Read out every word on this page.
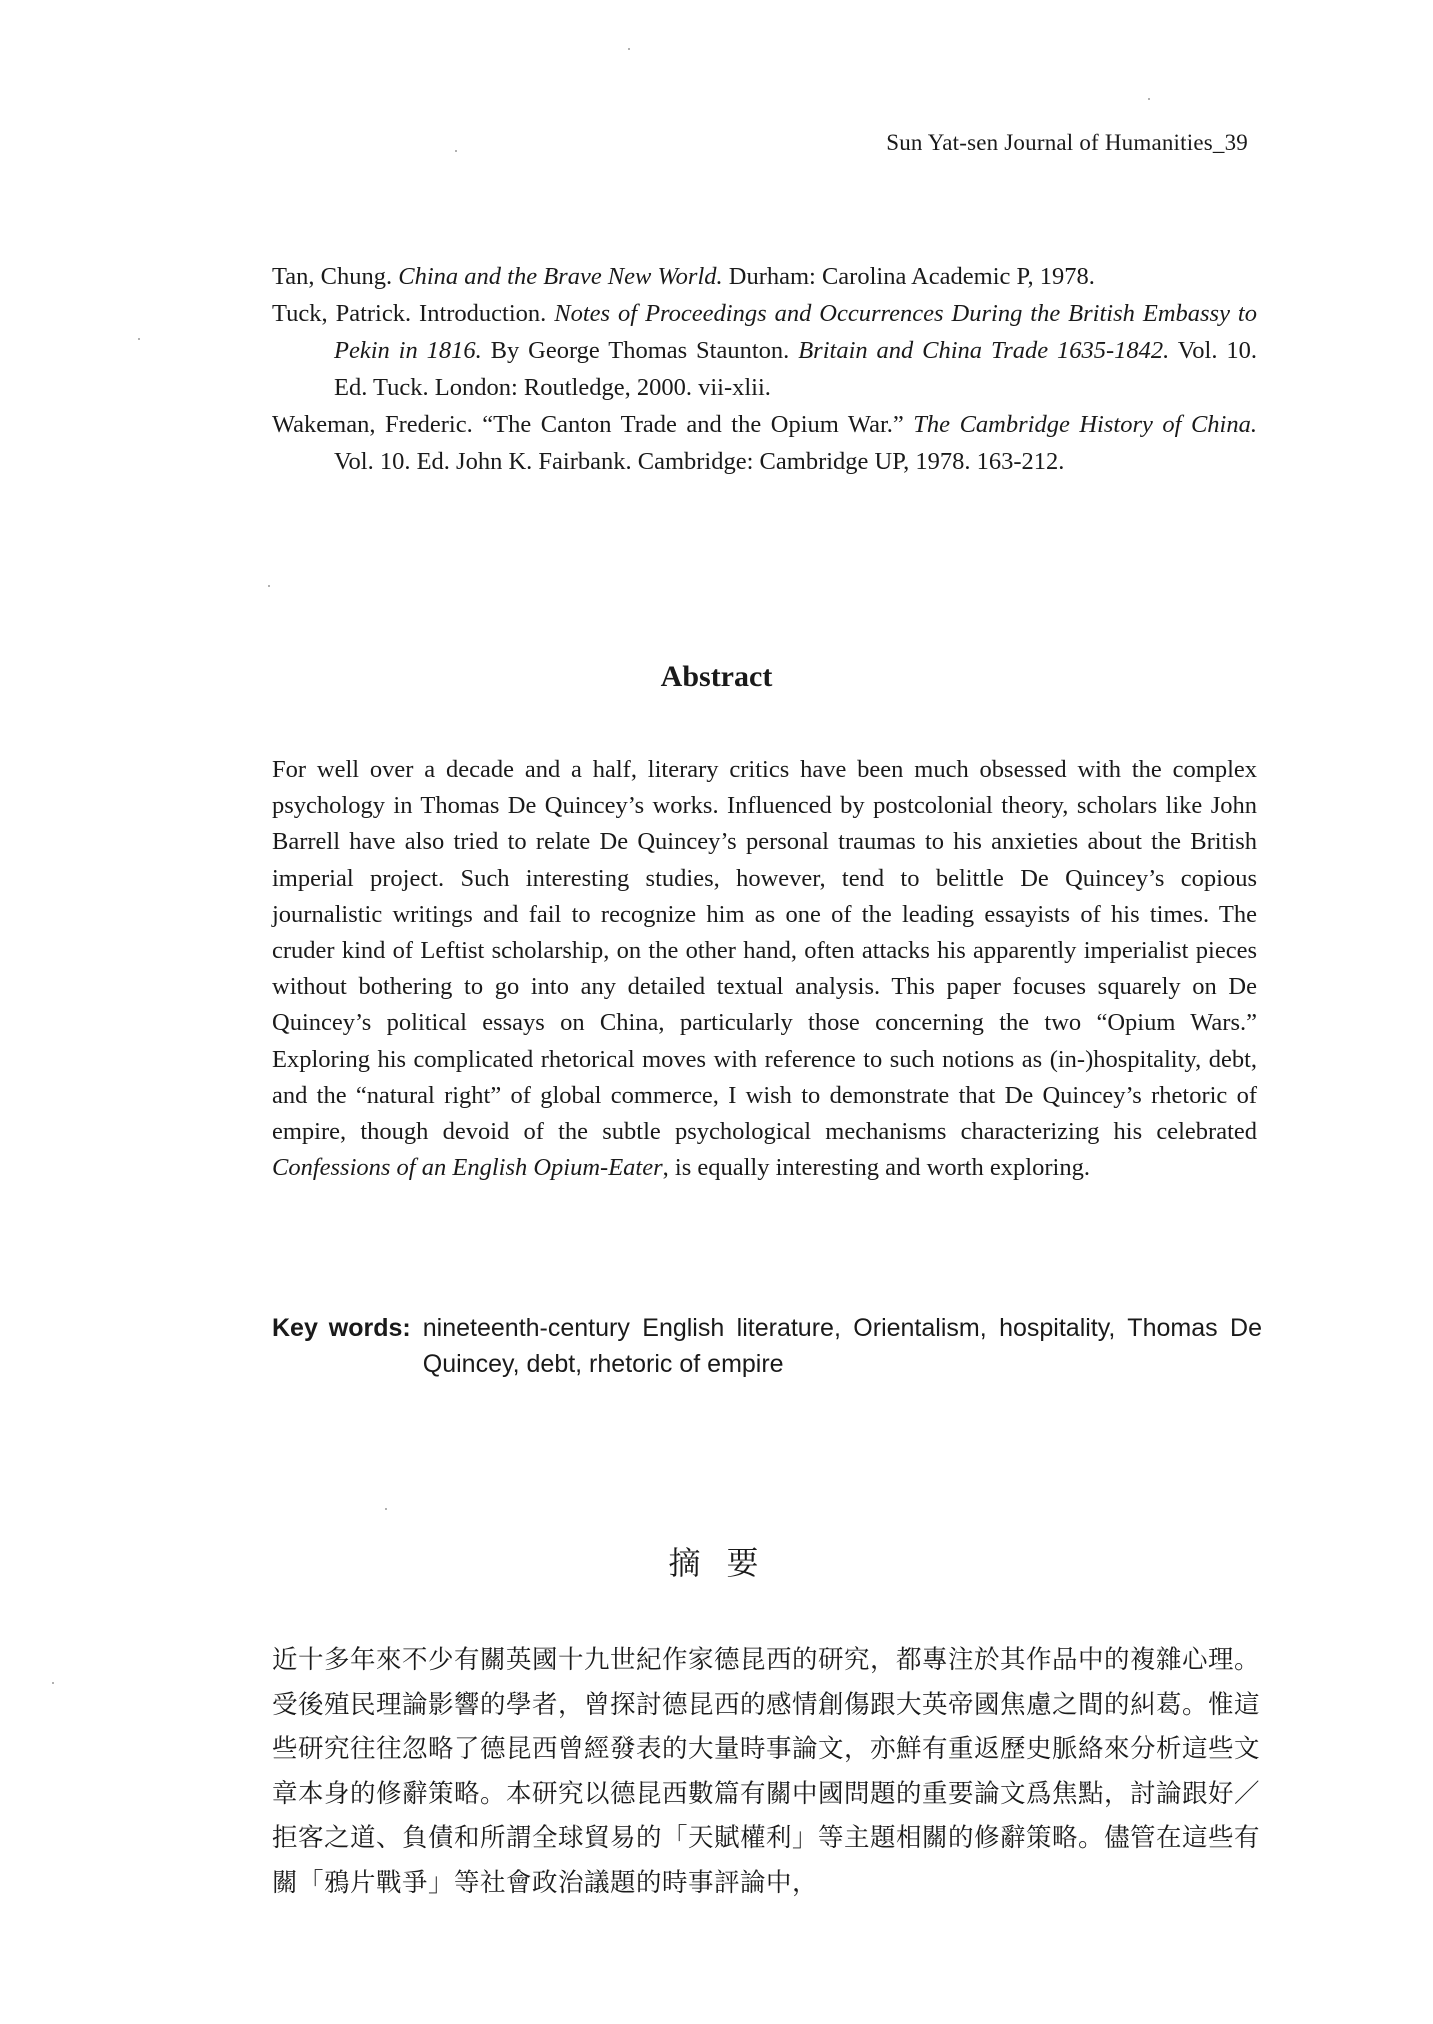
Sun Yat-sen Journal of Humanities_39

Tan, Chung. China and the Brave New World. Durham: Carolina Academic P, 1978.

Tuck, Patrick. Introduction. Notes of Proceedings and Occurrences During the British Embassy to Pekin in 1816. By George Thomas Staunton. Britain and China Trade 1635-1842. Vol. 10. Ed. Tuck. London: Routledge, 2000. vii-xlii.

Wakeman, Frederic. “The Canton Trade and the Opium War.” The Cambridge History of China. Vol. 10. Ed. John K. Fairbank. Cambridge: Cambridge UP, 1978. 163-212.

Abstract

For well over a decade and a half, literary critics have been much obsessed with the complex psychology in Thomas De Quincey’s works. Influenced by postcolonial theory, scholars like John Barrell have also tried to relate De Quincey’s personal traumas to his anxieties about the British imperial project. Such interesting studies, however, tend to belittle De Quincey’s copious journalistic writings and fail to recognize him as one of the leading essayists of his times. The cruder kind of Leftist scholarship, on the other hand, often attacks his apparently imperialist pieces without bothering to go into any detailed textual analysis. This paper focuses squarely on De Quincey’s political essays on China, particularly those concerning the two “Opium Wars.” Exploring his complicated rhetorical moves with reference to such notions as (in-)hospitality, debt, and the “natural right” of global commerce, I wish to demonstrate that De Quincey’s rhetoric of empire, though devoid of the subtle psychological mechanisms characterizing his celebrated Confessions of an English Opium-Eater, is equally interesting and worth exploring.

Key words: nineteenth-century English literature, Orientalism, hospitality, Thomas De Quincey, debt, rhetoric of empire
摘要

近十多年來不少有關英國十九世紀作家德昆西的研究，都專注於其作品中的複雜心理。受後殖民理論影響的學者，曾探討德昆西的感情創傷跟大英帝國焦慮之間的糾葛。惟這些研究往往忽略了德昆西曾經發表的大量時事論文，亦鮮有重返歷史脈絡來分析這些文章本身的修辭策略。本研究以德昆西數篇有關中國問題的重要論文爲焦點，討論跟好／拒客之道、負債和所謂全球貿易的「天賦權利」等主題相關的修辭策略。儘管在這些有關「鴉片戰爭」等社會政治議題的時事評論中，
